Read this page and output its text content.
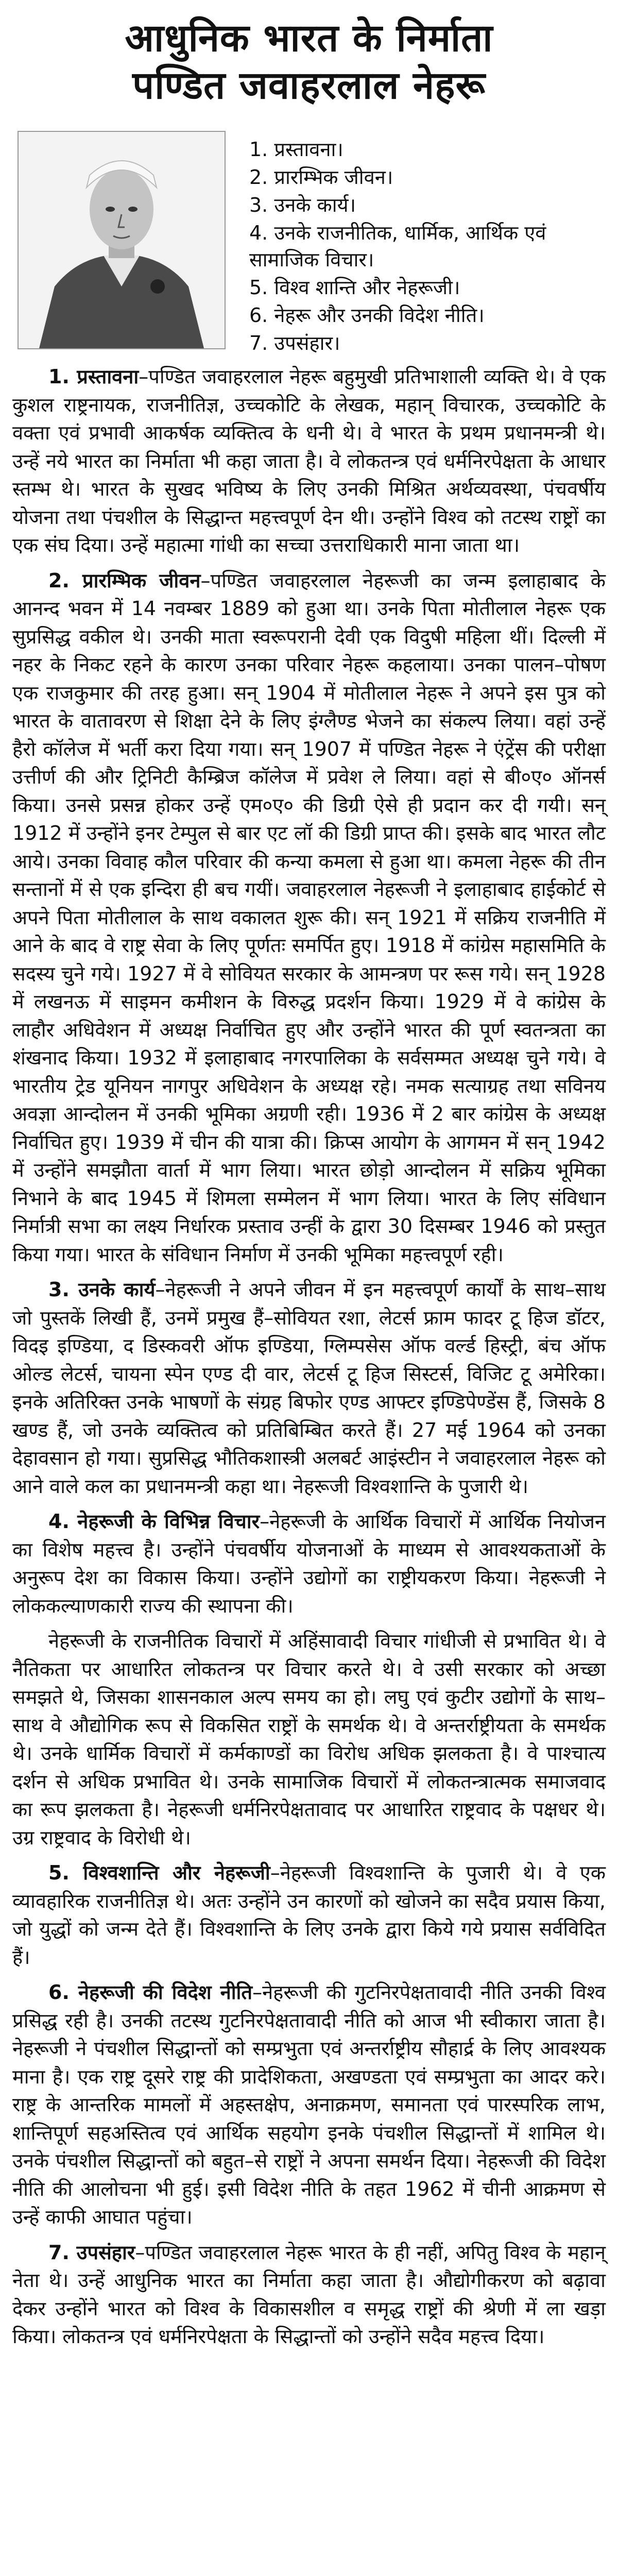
आधुनिक भारत के निर्माता
पण्डित जवाहरलाल नेहरू
1. प्रस्तावना।
2. प्रारम्भिक जीवन।
3. उनके कार्य।
4. उनके राजनीतिक, धार्मिक, आर्थिक एवं सामाजिक विचार।
5. विश्व शान्ति और नेहरूजी।
6. नेहरू और उनकी विदेश नीति।
7. उपसंहार।

1. प्रस्तावना–पण्डित जवाहरलाल नेहरू बहुमुखी प्रतिभाशाली व्यक्ति थे। वे एक कुशल राष्ट्रनायक, राजनीतिज्ञ, उच्चकोटि के लेखक, महान् विचारक, उच्चकोटि के वक्ता एवं प्रभावी आकर्षक व्यक्तित्व के धनी थे। वे भारत के प्रथम प्रधानमन्त्री थे। उन्हें नये भारत का निर्माता भी कहा जाता है। वे लोकतन्त्र एवं धर्मनिरपेक्षता के आधार स्तम्भ थे। भारत के सुखद भविष्य के लिए उनकी मिश्रित अर्थव्यवस्था, पंचवर्षीय योजना तथा पंचशील के सिद्धान्त महत्त्वपूर्ण देन थी। उन्होंने विश्व को तटस्थ राष्ट्रों का एक संघ दिया। उन्हें महात्मा गांधी का सच्चा उत्तराधिकारी माना जाता था।

2. प्रारम्भिक जीवन–पण्डित जवाहरलाल नेहरूजी का जन्म इलाहाबाद के आनन्द भवन में 14 नवम्बर 1889 को हुआ था। उनके पिता मोतीलाल नेहरू एक सुप्रसिद्ध वकील थे। उनकी माता स्वरूपरानी देवी एक विदुषी महिला थीं। दिल्ली में नहर के निकट रहने के कारण उनका परिवार नेहरू कहलाया। उनका पालन–पोषण एक राजकुमार की तरह हुआ। सन् 1904 में मोतीलाल नेहरू ने अपने इस पुत्र को भारत के वातावरण से शिक्षा देने के लिए इंग्लैण्ड भेजने का संकल्प लिया। वहां उन्हें हैरो कॉलेज में भर्ती करा दिया गया। सन् 1907 में पण्डित नेहरू ने एंट्रेंस की परीक्षा उत्तीर्ण की और ट्रिनिटी कैम्ब्रिज कॉलेज में प्रवेश ले लिया। वहां से बी०ए० ऑनर्स किया। उनसे प्रसन्न होकर उन्हें एम०ए० की डिग्री ऐसे ही प्रदान कर दी गयी। सन् 1912 में उन्होंने इनर टेम्पुल से बार एट लॉ की डिग्री प्राप्त की। इसके बाद भारत लौट आये। उनका विवाह कौल परिवार की कन्या कमला से हुआ था। कमला नेहरू की तीन सन्तानों में से एक इन्दिरा ही बच गयीं। जवाहरलाल नेहरूजी ने इलाहाबाद हाईकोर्ट से अपने पिता मोतीलाल के साथ वकालत शुरू की। सन् 1921 में सक्रिय राजनीति में आने के बाद वे राष्ट्र सेवा के लिए पूर्णतः समर्पित हुए। 1918 में कांग्रेस महासमिति के सदस्य चुने गये। 1927 में वे सोवियत सरकार के आमन्त्रण पर रूस गये। सन् 1928 में लखनऊ में साइमन कमीशन के विरुद्ध प्रदर्शन किया। 1929 में वे कांग्रेस के लाहौर अधिवेशन में अध्यक्ष निर्वाचित हुए और उन्होंने भारत की पूर्ण स्वतन्त्रता का शंखनाद किया। 1932 में इलाहाबाद नगरपालिका के सर्वसम्मत अध्यक्ष चुने गये। वे भारतीय ट्रेड यूनियन नागपुर अधिवेशन के अध्यक्ष रहे। नमक सत्याग्रह तथा सविनय अवज्ञा आन्दोलन में उनकी भूमिका अग्रणी रही। 1936 में 2 बार कांग्रेस के अध्यक्ष निर्वाचित हुए। 1939 में चीन की यात्रा की। क्रिप्स आयोग के आगमन में सन् 1942 में उन्होंने समझौता वार्ता में भाग लिया। भारत छोड़ो आन्दोलन में सक्रिय भूमिका निभाने के बाद 1945 में शिमला सम्मेलन में भाग लिया। भारत के लिए संविधान निर्मात्री सभा का लक्ष्य निर्धारक प्रस्ताव उन्हीं के द्वारा 30 दिसम्बर 1946 को प्रस्तुत किया गया। भारत के संविधान निर्माण में उनकी भूमिका महत्त्वपूर्ण रही।

3. उनके कार्य–नेहरूजी ने अपने जीवन में इन महत्त्वपूर्ण कार्यों के साथ–साथ जो पुस्तकें लिखी हैं, उनमें प्रमुख हैं–सोवियत रशा, लेटर्स फ्राम फादर टू हिज डॉटर, विदइ इण्डिया, द डिस्कवरी ऑफ इण्डिया, ग्लिम्पसेस ऑफ वर्ल्ड हिस्ट्री, बंच ऑफ ओल्ड लेटर्स, चायना स्पेन एण्ड दी वार, लेटर्स टू हिज सिस्टर्स, विजिट टू अमेरिका। इनके अतिरिक्त उनके भाषणों के संग्रह बिफोर एण्ड आफ्टर इण्डिपेण्डेंस हैं, जिसके 8 खण्ड हैं, जो उनके व्यक्तित्व को प्रतिबिम्बित करते हैं। 27 मई 1964 को उनका देहावसान हो गया। सुप्रसिद्ध भौतिकशास्त्री अलबर्ट आइंस्टीन ने जवाहरलाल नेहरू को आने वाले कल का प्रधानमन्त्री कहा था। नेहरूजी विश्वशान्ति के पुजारी थे।

4. नेहरूजी के विभिन्न विचार–नेहरूजी के आर्थिक विचारों में आर्थिक नियोजन का विशेष महत्त्व है। उन्होंने पंचवर्षीय योजनाओं के माध्यम से आवश्यकताओं के अनुरूप देश का विकास किया। उन्होंने उद्योगों का राष्ट्रीयकरण किया। नेहरूजी ने लोककल्याणकारी राज्य की स्थापना की।

नेहरूजी के राजनीतिक विचारों में अहिंसावादी विचार गांधीजी से प्रभावित थे। वे नैतिकता पर आधारित लोकतन्त्र पर विचार करते थे। वे उसी सरकार को अच्छा समझते थे, जिसका शासनकाल अल्प समय का हो। लघु एवं कुटीर उद्योगों के साथ–साथ वे औद्योगिक रूप से विकसित राष्ट्रों के समर्थक थे। वे अन्तर्राष्ट्रीयता के समर्थक थे। उनके धार्मिक विचारों में कर्मकाण्डों का विरोध अधिक झलकता है। वे पाश्चात्य दर्शन से अधिक प्रभावित थे। उनके सामाजिक विचारों में लोकतन्त्रात्मक समाजवाद का रूप झलकता है। नेहरूजी धर्मनिरपेक्षतावाद पर आधारित राष्ट्रवाद के पक्षधर थे। उग्र राष्ट्रवाद के विरोधी थे।

5. विश्वशान्ति और नेहरूजी–नेहरूजी विश्वशान्ति के पुजारी थे। वे एक व्यावहारिक राजनीतिज्ञ थे। अतः उन्होंने उन कारणों को खोजने का सदैव प्रयास किया, जो युद्धों को जन्म देते हैं। विश्वशान्ति के लिए उनके द्वारा किये गये प्रयास सर्वविदित हैं।

6. नेहरूजी की विदेश नीति–नेहरूजी की गुटनिरपेक्षतावादी नीति उनकी विश्व प्रसिद्ध रही है। उनकी तटस्थ गुटनिरपेक्षतावादी नीति को आज भी स्वीकारा जाता है। नेहरूजी ने पंचशील सिद्धान्तों को सम्प्रभुता एवं अन्तर्राष्ट्रीय सौहार्द्र के लिए आवश्यक माना है। एक राष्ट्र दूसरे राष्ट्र की प्रादेशिकता, अखण्डता एवं सम्प्रभुता का आदर करे। राष्ट्र के आन्तरिक मामलों में अहस्तक्षेप, अनाक्रमण, समानता एवं पारस्परिक लाभ, शान्तिपूर्ण सहअस्तित्व एवं आर्थिक सहयोग इनके पंचशील सिद्धान्तों में शामिल थे। उनके पंचशील सिद्धान्तों को बहुत–से राष्ट्रों ने अपना समर्थन दिया। नेहरूजी की विदेश नीति की आलोचना भी हुई। इसी विदेश नीति के तहत 1962 में चीनी आक्रमण से उन्हें काफी आघात पहुंचा।

7. उपसंहार–पण्डित जवाहरलाल नेहरू भारत के ही नहीं, अपितु विश्व के महान् नेता थे। उन्हें आधुनिक भारत का निर्माता कहा जाता है। औद्योगीकरण को बढ़ावा देकर उन्होंने भारत को विश्व के विकासशील व समृद्ध राष्ट्रों की श्रेणी में ला खड़ा किया। लोकतन्त्र एवं धर्मनिरपेक्षता के सिद्धान्तों को उन्होंने सदैव महत्त्व दिया।
